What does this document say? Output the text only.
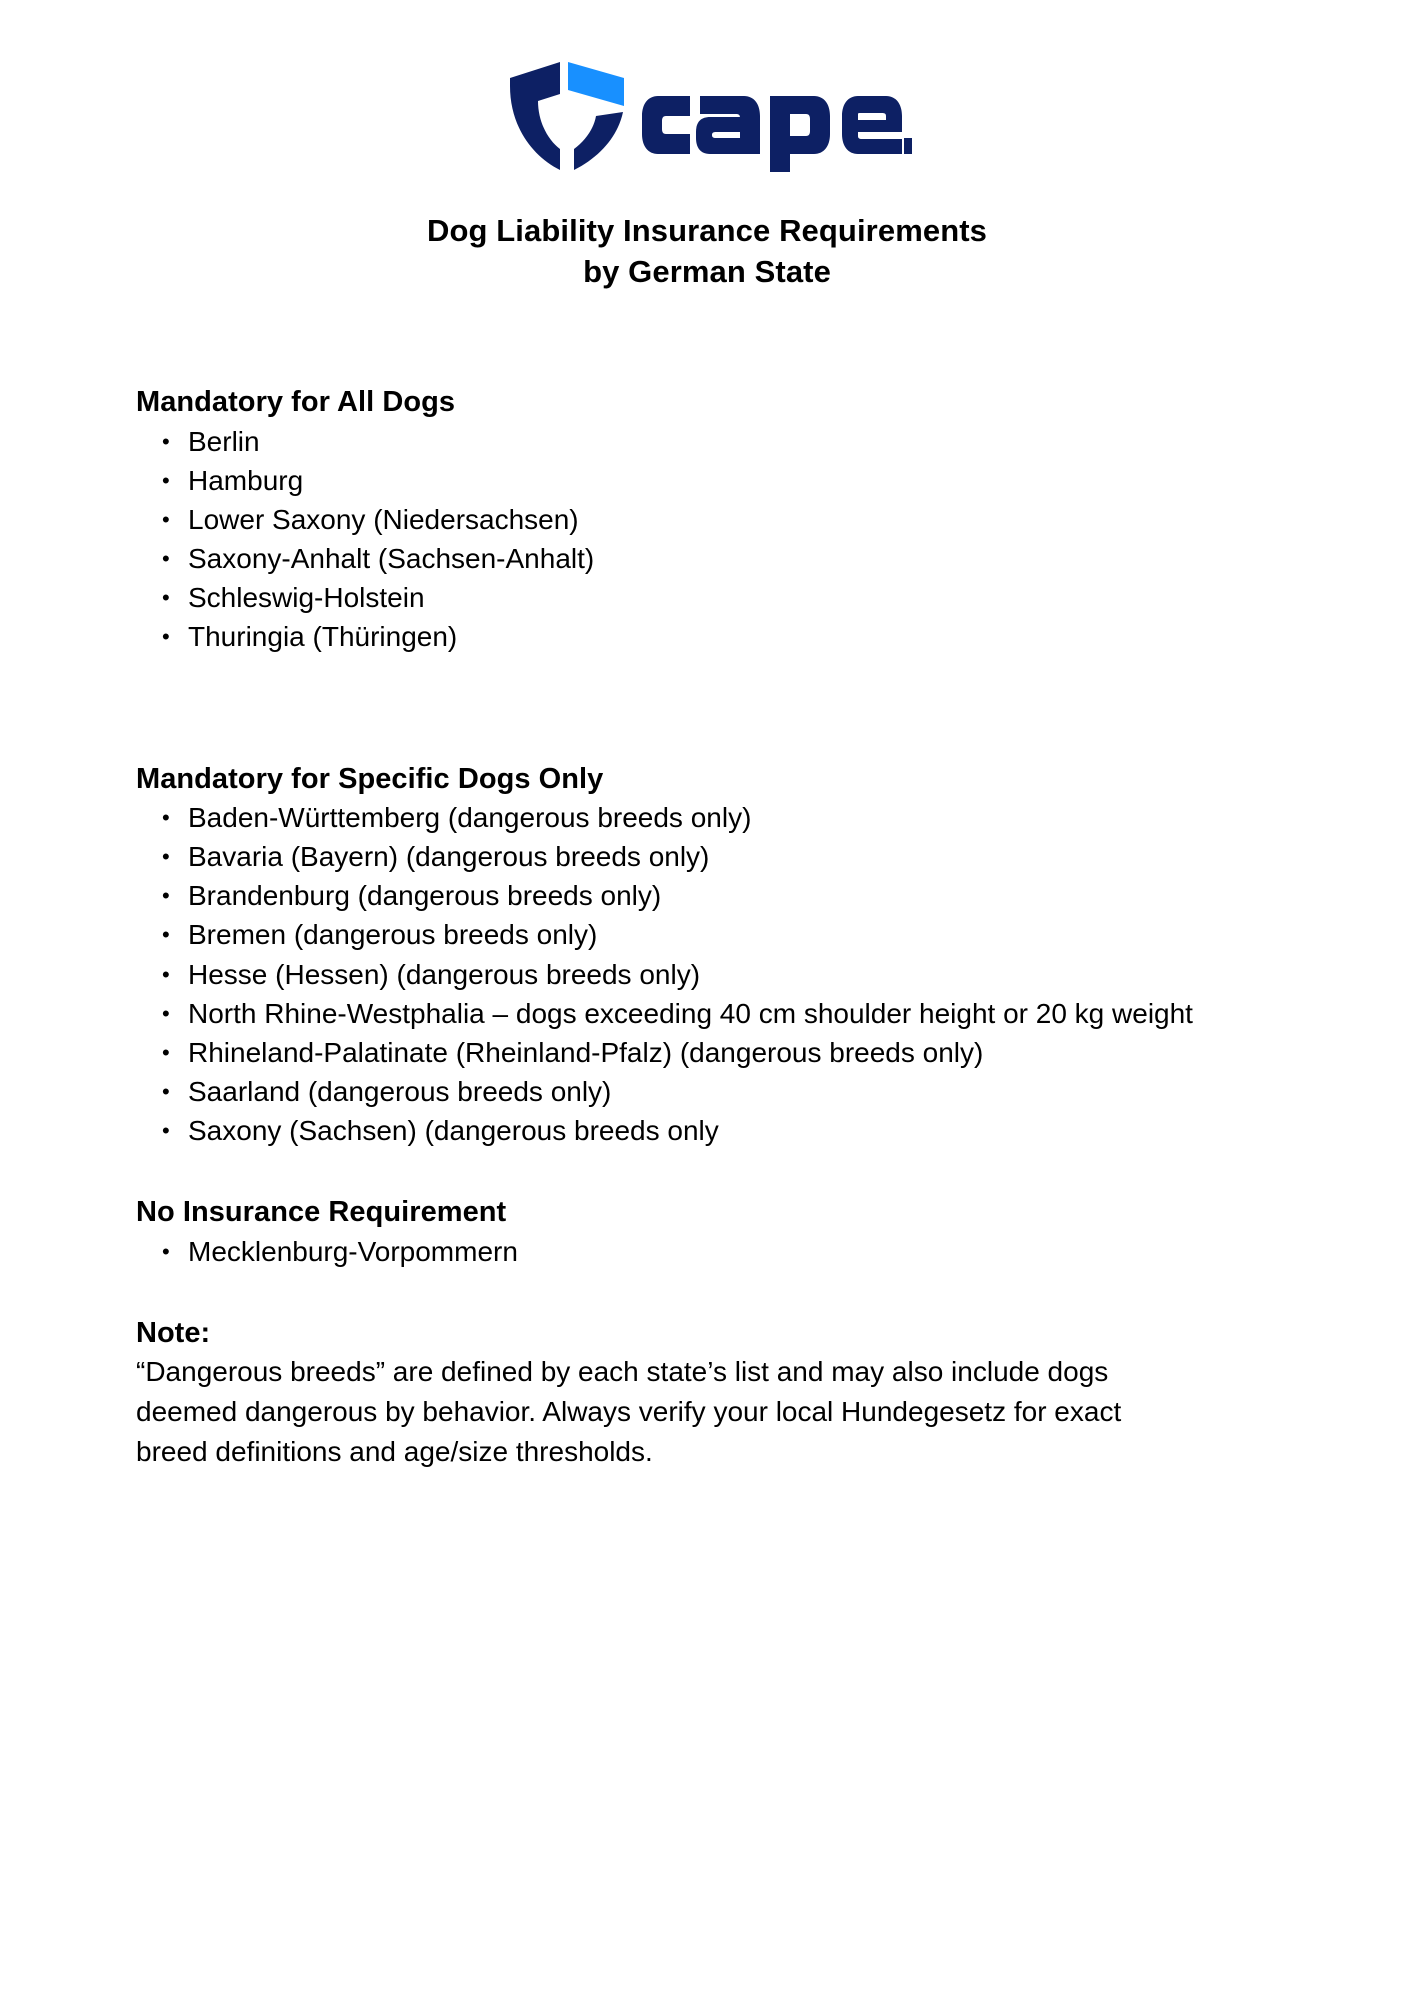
Dog Liability Insurance Requirements
by German State
Mandatory for All Dogs
• Berlin
• Hamburg
• Lower Saxony (Niedersachsen)
• Saxony-Anhalt (Sachsen-Anhalt)
• Schleswig-Holstein
• Thuringia (Thüringen)
Mandatory for Specific Dogs Only
• Baden-Württemberg (dangerous breeds only)
• Bavaria (Bayern) (dangerous breeds only)
• Brandenburg (dangerous breeds only)
• Bremen (dangerous breeds only)
• Hesse (Hessen) (dangerous breeds only)
• North Rhine-Westphalia – dogs exceeding 40 cm shoulder height or 20 kg weight
• Rhineland-Palatinate (Rheinland-Pfalz) (dangerous breeds only)
• Saarland (dangerous breeds only)
• Saxony (Sachsen) (dangerous breeds only
No Insurance Requirement
• Mecklenburg-Vorpommern
Note:

“Dangerous breeds” are defined by each state’s list and may also include dogs deemed dangerous by behavior. Always verify your local Hundegesetz for exact breed definitions and age/size thresholds.
